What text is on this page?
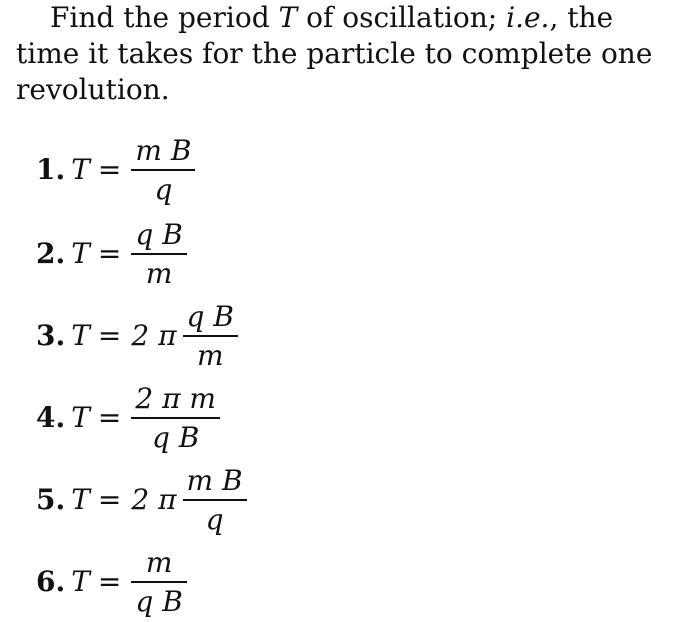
Find the period T of oscillation; i.e., the time it takes for the particle to complete one revolution.

1. $T = \frac{\text{m B}}{q}$
2. $T = \frac{\text{q B}}{m}$
3. T = 2 π $\frac{\text{q B}}{m}$
4. $T = \frac{\text{2 π m}}{\text{q B}}$
5. T = 2 π $\frac{\text{m B}}{q}$
6. $T = \frac{m}{\text{q B}}$
